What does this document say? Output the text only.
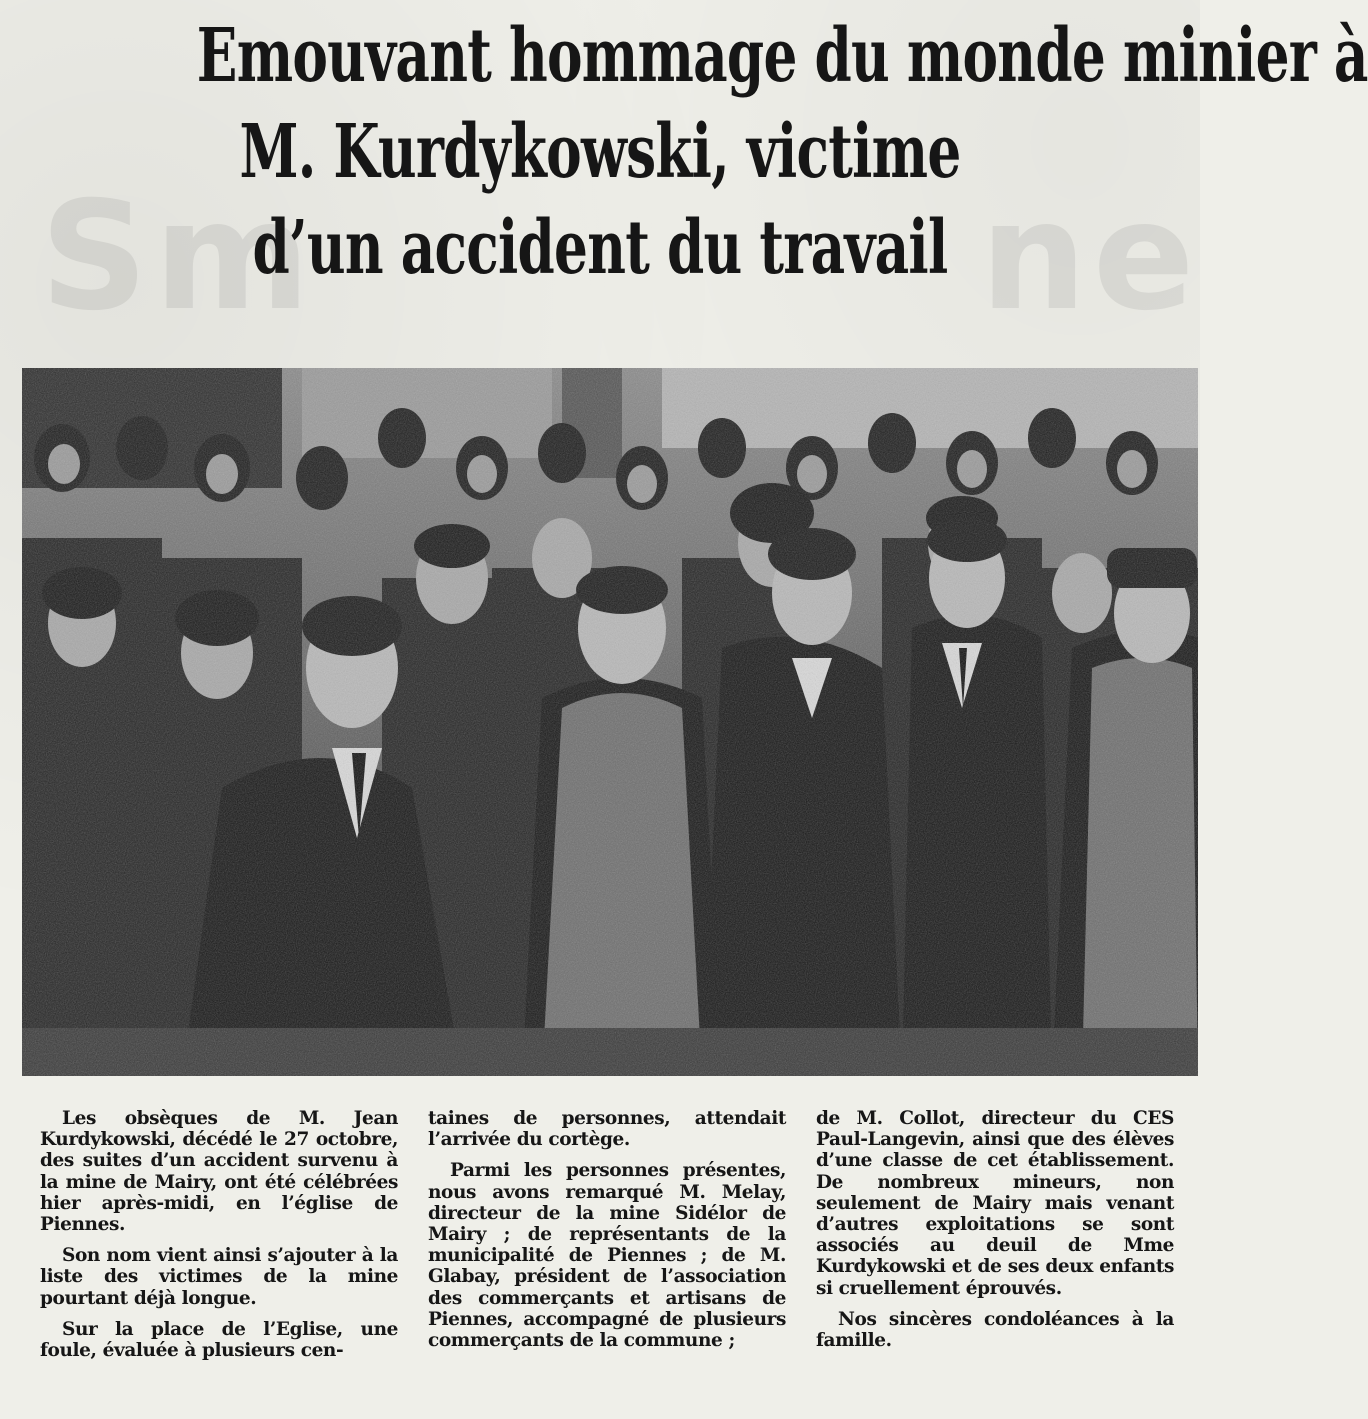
Sm	ne
Emouvant hommage du monde minier à
M. Kurdykowski, victime
d’un accident du travail

Les obsèques de M. Jean Kurdykowski, décédé le 27 octobre, des suites d’un accident survenu à la mine de Mairy, ont été célébrées hier après-midi, en l’église de Piennes.

Son nom vient ainsi s’ajouter à la liste des victimes de la mine pourtant déjà longue.

Sur la place de l’Eglise, une foule, évaluée à plusieurs cen-

taines de personnes, attendait l’arrivée du cortège.

Parmi les personnes présentes, nous avons remarqué M. Melay, directeur de la mine Sidélor de Mairy ; de représentants de la municipalité de Piennes ; de M. Glabay, président de l’association des commerçants et artisans de Piennes, accompagné de plusieurs commerçants de la commune ;

de M. Collot, directeur du CES Paul-Langevin, ainsi que des élèves d’une classe de cet établissement. De nombreux mineurs, non seulement de Mairy mais venant d’autres exploitations se sont associés au deuil de Mme Kurdykowski et de ses deux enfants si cruellement éprouvés.

Nos sincères condoléances à la famille.
